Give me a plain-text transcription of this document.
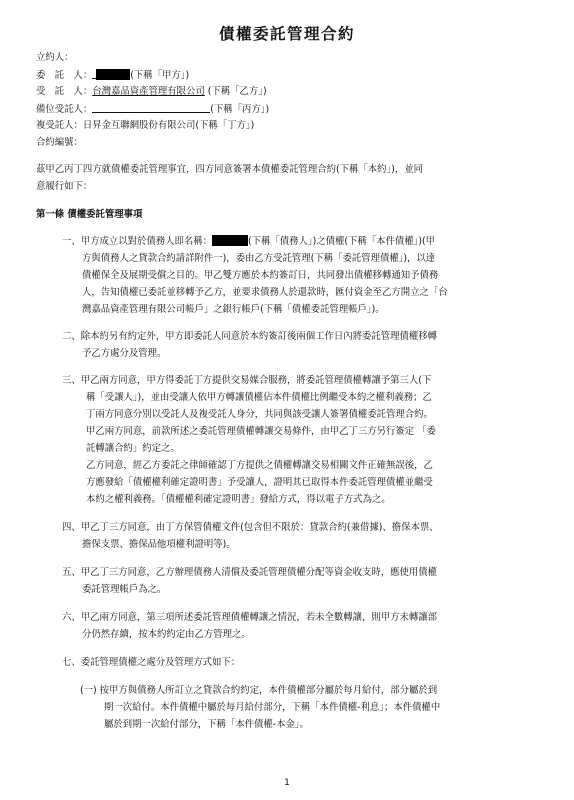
債權委託管理合約
立約人：
委　託　人：	(下稱「甲方」)
受　託　人：台灣嘉品資產管理有限公司 (下稱「乙方」)
備位受託人：	(下稱「丙方」)
複受託人：日昇金互聯網股份有限公司(下稱「丁方」)
合約編號：
茲甲乙丙丁四方就債權委託管理事宜，四方同意簽署本債權委託管理合約(下稱「本約」)，並同
意履行如下：
第一條 債權委託管理事項
一、甲方成立以對於債務人即名稱：	(下稱「債務人」)之債權(下稱「本件債權」)(甲
方與債務人之貸款合約請詳附件一)，委由乙方受託管理(下稱「委託管理債權」)，以達
債權保全及展期受償之目的。甲乙雙方應於本約簽訂日，共同發出債權移轉通知予債務
人，告知債權已委託並移轉予乙方，並要求債務人於還款時，匯付資金至乙方開立之「台
灣嘉品資產管理有限公司帳戶」之銀行帳戶(下稱「債權委託管理帳戶」)。
二、除本約另有約定外，甲方即委託人同意於本約簽訂後兩個工作日內將委託管理債權移轉
予乙方處分及管理。
三、甲乙兩方同意，甲方得委託丁方提供交易媒合服務，將委託管理債權轉讓予第三人(下
稱「受讓人」)，並由受讓人依甲方轉讓債權佔本件債權比例繼受本約之權利義務；乙
丁兩方同意分別以受託人及複受託人身分，共同與該受讓人簽署債權委託管理合約。
甲乙兩方同意，前款所述之委託管理債權轉讓交易條件，由甲乙丁三方另行簽定 「委
託轉讓合約」約定之。
乙方同意，經乙方委託之律師確認丁方提供之債權轉讓交易相關文件正確無誤後，乙
方應發給「債權權利確定證明書」予受讓人，證明其已取得本件委託管理債權並繼受
本約之權利義務。「債權權利確定證明書」發給方式，得以電子方式為之。
四、甲乙丁三方同意，由丁方保管債權文件(包含但不限於：貸款合約(兼借據)、擔保本票、
擔保支票、擔保品他項權利證明等)。
五、甲乙丁三方同意，乙方辦理債務人清償及委託管理債權分配等資金收支時，應使用債權
委託管理帳戶為之。
六、甲乙兩方同意，第三項所述委託管理債權轉讓之情況，若未全數轉讓，則甲方未轉讓部
分仍然存續，按本約約定由乙方管理之。
七、委託管理債權之處分及管理方式如下：
(一) 按甲方與債務人所訂立之貸款合約約定，本件債權部分屬於每月給付，部分屬於到
期一次給付。本件債權中屬於每月給付部分，下稱「本件債權-利息」；本件債權中
屬於到期一次給付部分，下稱「本件債權-本金」。
1
